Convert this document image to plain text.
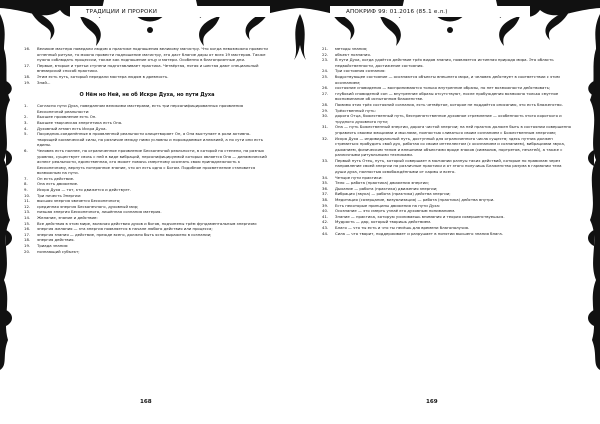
ТРАДИЦИИ И ПРОРОКИ
16.	Великие мастера поведали людям о практике подношения великому магистру. Что когда невозможно провести огненный ритуал, то можно провести подношение магистру, это даст благие дары от всех 19 мастеров. Также нужно соблюдать процессии, также как подношение отцу и матери. Особенно в благоприятные дни.
17.	Первые, вторые и третьи ступени подготавливает практика. Четвёртая, пятая и шестая дают специальный внемирский способ практики.
18.	Этим есть путь, который передали мастера людям в древность.
19.	Знай...
О Нём но Ней, не об Искре Духа, но пути Духа
1.	Согласно пути Духа, поведанном великими мастерами, есть три персонифицированных проявления Бесконечной реальности:
2.	Высшее проявление есть Он.
3.	Высшее творческая энергетика есть Она.
4.	Духовный атман есть Искра Духа.
5.	Посредник-соединённые в проявленной реальности олицетворяет Он, а Она выступает в роли активно-творящей космической силы, но различие между ними условны и порождаемые иллюзией, а по сути они есть едины.
6.	Человек есть полнее, но ограниченное проявление Бесконечной реальности, в которой по степени, на разных уровнях, существует связь с ней в виде вибраций, персонифицируемой которых является Она — динамический аспект реальности, единственная, кто может помочь смертному осознать свою принадлежность к Бесконечному, вернуть потерянное знание, что он есть одно с Богом. Подобное просветление становится возможным на пути.
7.	Он есть действие.
8.	Она есть движение.
9.	Искра Духа — тот, кто движется и действует.
10.	Три ничесть Энергии:
11.	высшая энергия является Бесконечного;
12.	срединная энергия Бесконечного, духовный мир;
13.	низшая энергия Бесконечного, лишённая сознания материя.
14.	Желание, знание и действие:
15.	Все действия в этом мире, включая действия духов и богов, подчинены трём фундаментальным энергиям:
16.	энергия желания — эта энергия появляется в начале любого действия или процесса;
17.	энергия знания — действие, прежде всего, должно быть ясно выражено в сознании;
18.	энергия действия.
19.	Триада знания:
20.	познающий субъект;
168
АПОКРИФ 99: 01.2016 (85.1 е.л.)
21.	методы знания;
22.	объект познания.
23.	В пути Духа, когда удаётся действие трёх видов знания, появляется истинная природа мира. Это область недвойственности, достижение состояния.
24.	Три состояния сознания:
25.	бодрствующее состояние — осознаются объекты внешнего мира, и человек действует в соответствии с этим осознанием;
26.	состояние сновидения — воспринимаются только внутренние образы, но нет возможности действовать;
27.	глубокий сновидений сон — внутренние образы отсутствуют, после пробуждения возможно только смутное воспоминание об испытанном блаженстве.
28.	Помимо этих трёх состояний сознания, есть четвёртое, которое не поддаётся описанию, это есть блаженство.
29.	Трёхственный путь:
30.	дорога Отца, божественный путь, беспрепятственное духовное стремление — особенность этого короткого и трудного духовного пути;
31.	Она — путь Божественный энергии, дорога чистой энергии; на ней практик должен быть в состоянии совершенно управлять своими эмоциями и мыслями, полностью сливаться своим сознанием с Божественным энергиям;
32.	Искра Духа — индивидуальный путь, доступный для ограниченного числа существ; здесь путник должен стремиться пробудить свой дух, работая со своим интеллектом (с осознанием и сознанием), вибрациями звука, дыханием, физическим телом и внешними объектами вроде знаков (символов, портретов, печатей), а также с различными ритуальными техниками.
33.	Первый путь Отец, путь, который совершает в молчании разнуы таких действий, которые по правилам через направление своей энергии на различные практики и от этого получишь Блаженство разума в гармонии тела души духа, полностью освобождёнными от кармы и всего.
34.	Четыре пути практики:
35.	Тело — работа (практика) движения энергии;
36.	Дыхание — работа (практика) движения энергии;
37.	Вибрация (звука) — работа (практика) действа энергии;
38.	Медитация (созерцание, визуализация) — работа (практика) действа внутри.
39.	Есть некоторые принципы движения на пути Духа:
40.	Осознание — это смерть узнаё его духовным пониманием.
41.	Знание — практика, которую усиливаешь внимания и теория совершенствуешься.
42.	Мудрость — дар, который творишь действием.
43.	Благо — что ты есть и что ты несёшь для времени благополучия.
44.	Сила — что творит, поддерживает и разрушает в понятии высшего знания блага.
169
